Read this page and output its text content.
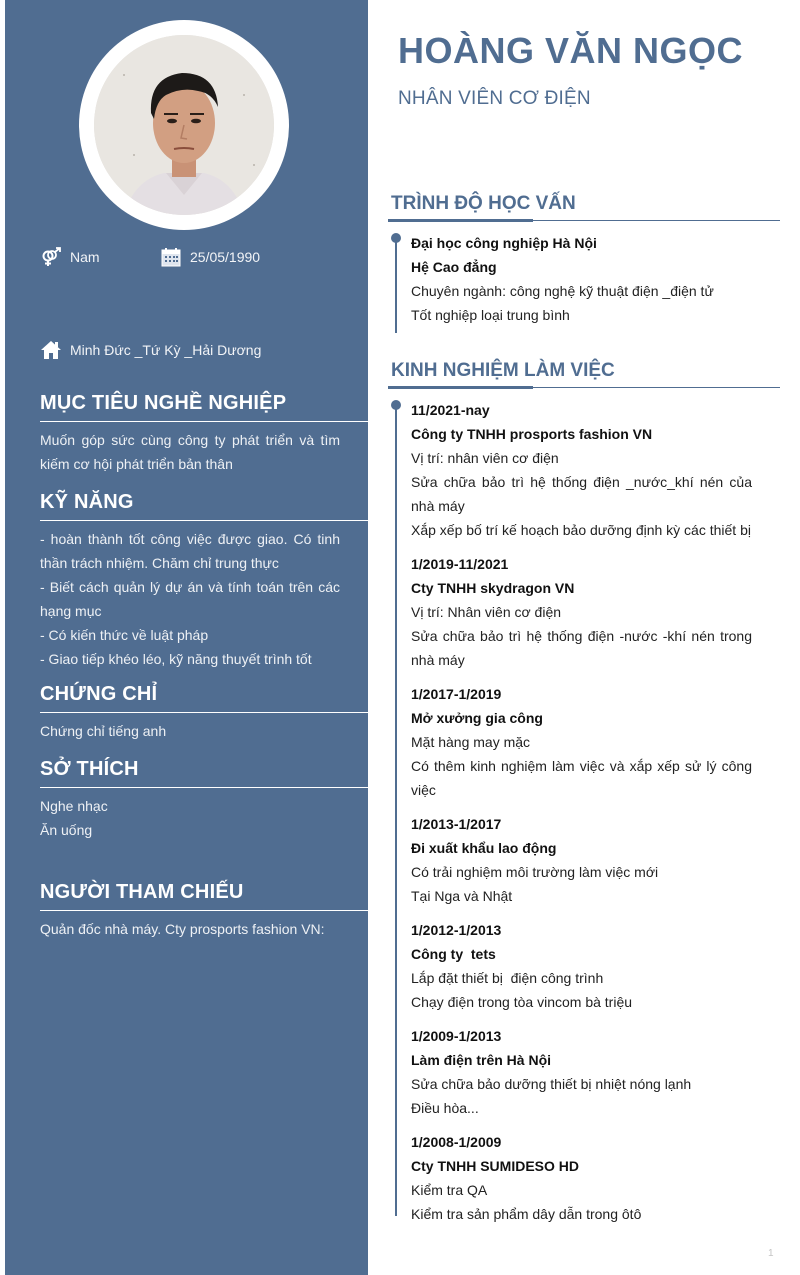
Nam	25/05/1990
Minh Đức _Tứ Kỳ _Hải Dương
MỤC TIÊU NGHỀ NGHIỆP

Muốn góp sức cùng công ty phát triển và tìm kiếm cơ hội phát triển bản thân

KỸ NĂNG

- hoàn thành tốt công việc được giao. Có tinh thần trách nhiệm. Chăm chỉ trung thực

- Biết cách quản lý dự án và tính toán trên các hạng mục

- Có kiến thức về luật pháp

- Giao tiếp khéo léo, kỹ năng thuyết trình tốt

CHỨNG CHỈ

Chứng chỉ tiếng anh

SỞ THÍCH

Nghe nhạc

Ăn uống

NGƯỜI THAM CHIẾU

Quản đốc nhà máy. Cty prosports fashion VN:

HOÀNG VĂN NGỌC
NHÂN VIÊN CƠ ĐIỆN
TRÌNH ĐỘ HỌC VẤN

Đại học công nghiệp Hà Nội

Hệ Cao đẳng

Chuyên ngành: công nghệ kỹ thuật điện _điện tử

Tốt nghiệp loại trung bình

KINH NGHIỆM LÀM VIỆC

11/2021-nay

Công ty TNHH prosports fashion VN

Vị trí: nhân viên cơ điện

Sửa chữa bảo trì hệ thống điện _nước_khí nén của nhà máy

Xắp xếp bố trí kế hoạch bảo dưỡng định kỳ các thiết bị

1/2019-11/2021

Cty TNHH skydragon VN

Vị trí: Nhân viên cơ điện

Sửa chữa bảo trì hệ thống điện -nước -khí nén trong nhà máy

1/2017-1/2019

Mở xưởng gia công

Mặt hàng may mặc

Có thêm kinh nghiệm làm việc và xắp xếp sử lý công việc

1/2013-1/2017

Đi xuất khẩu lao động

Có trải nghiệm môi trường làm việc mới

Tại Nga và Nhật

1/2012-1/2013

Công ty  tets

Lắp đặt thiết bị  điện công trình

Chạy điện trong tòa vincom bà triệu

1/2009-1/2013

Làm điện trên Hà Nội

Sửa chữa bảo dưỡng thiết bị nhiệt nóng lạnh

Điều hòa...

1/2008-1/2009

Cty TNHH SUMIDESO HD

Kiểm tra QA

Kiểm tra sản phẩm dây dẫn trong ôtô

1
